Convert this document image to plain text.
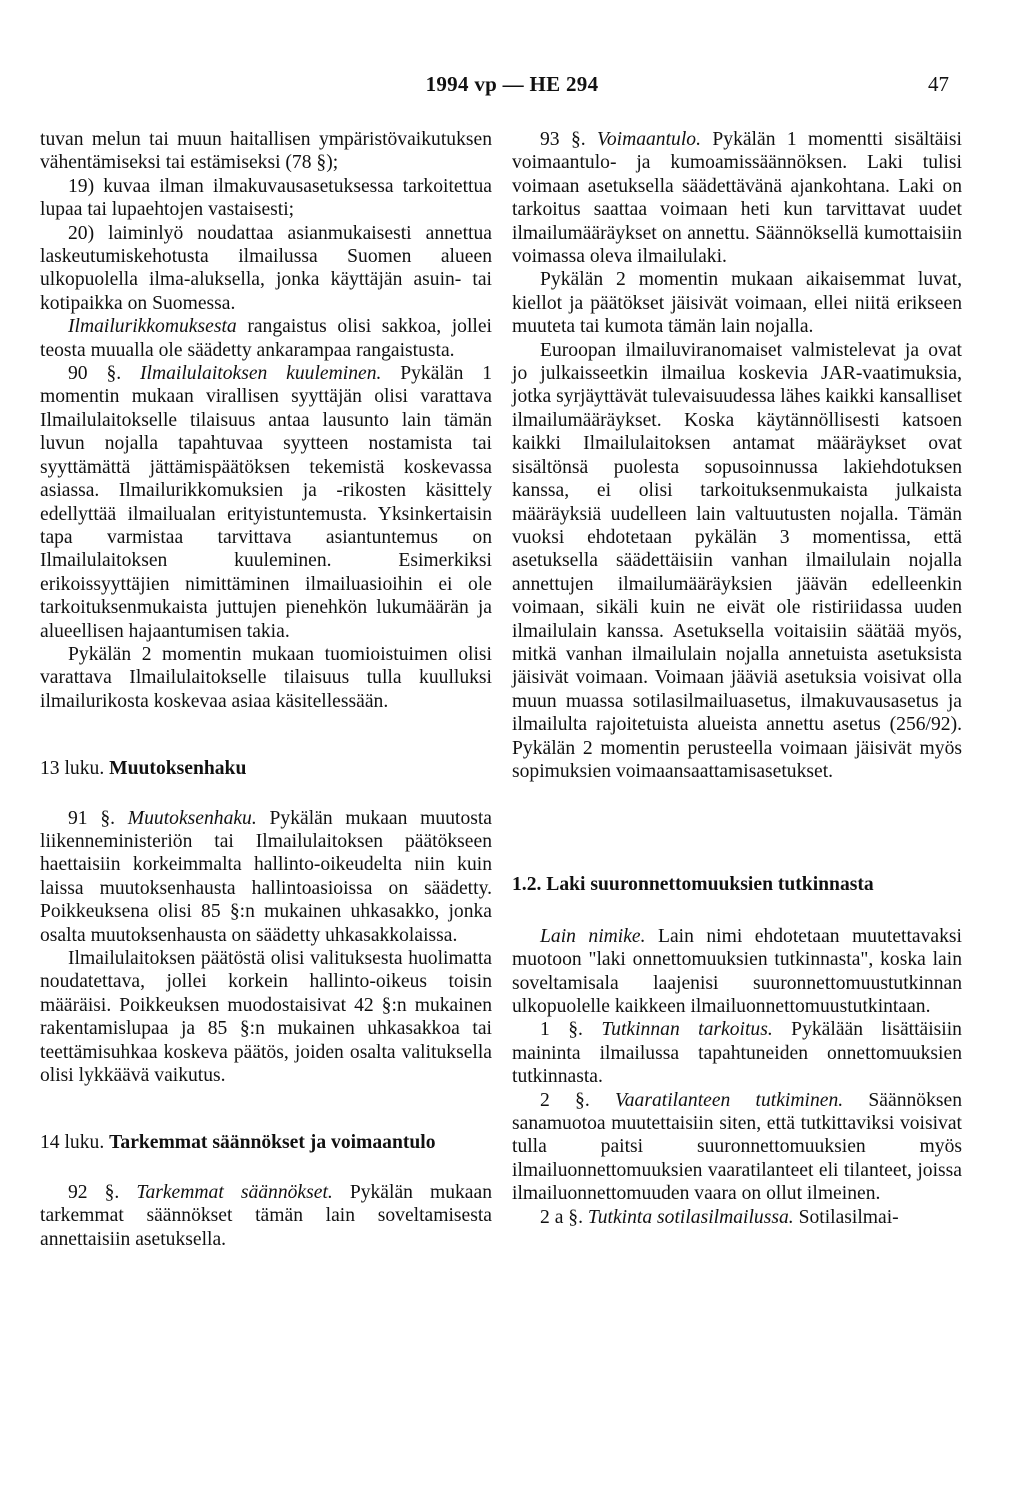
1994 vp — HE 294	47

tuvan melun tai muun haitallisen ympäristövaikutuksen vähentämiseksi tai estämiseksi (78 §);

19) kuvaa ilman ilmakuvausasetuksessa tarkoitettua lupaa tai lupaehtojen vastaisesti;

20) laiminlyö noudattaa asianmukaisesti annettua laskeutumiskehotusta ilmailussa Suomen alueen ulkopuolella ilma-aluksella, jonka käyttäjän asuin- tai kotipaikka on Suomessa.

Ilmailurikkomuksesta rangaistus olisi sakkoa, jollei teosta muualla ole säädetty ankarampaa rangaistusta.

90 §. Ilmailulaitoksen kuuleminen. Pykälän 1 momentin mukaan virallisen syyttäjän olisi varattava Ilmailulaitokselle tilaisuus antaa lausunto lain tämän luvun nojalla tapahtuvaa syytteen nostamista tai syyttämättä jättämispäätöksen tekemistä koskevassa asiassa. Ilmailurikkomuksien ja -rikosten käsittely edellyttää ilmailualan erityistuntemusta. Yksinkertaisin tapa varmistaa tarvittava asiantuntemus on Ilmailulaitoksen kuuleminen. Esimerkiksi erikoissyyttäjien nimittäminen ilmailuasioihin ei ole tarkoituksenmukaista juttujen pienehkön lukumäärän ja alueellisen hajaantumisen takia.

Pykälän 2 momentin mukaan tuomioistuimen olisi varattava Ilmailulaitokselle tilaisuus tulla kuulluksi ilmailurikosta koskevaa asiaa käsitellessään.

13 luku. Muutoksenhaku

91 §. Muutoksenhaku. Pykälän mukaan muutosta liikenneministeriön tai Ilmailulaitoksen päätökseen haettaisiin korkeimmalta hallinto-oikeudelta niin kuin laissa muutoksenhausta hallintoasioissa on säädetty. Poikkeuksena olisi 85 §:n mukainen uhkasakko, jonka osalta muutoksenhausta on säädetty uhkasakkolaissa.

Ilmailulaitoksen päätöstä olisi valituksesta huolimatta noudatettava, jollei korkein hallinto-oikeus toisin määräisi. Poikkeuksen muodostaisivat 42 §:n mukainen rakentamislupaa ja 85 §:n mukainen uhkasakkoa tai teettämisuhkaa koskeva päätös, joiden osalta valituksella olisi lykkäävä vaikutus.

14 luku. Tarkemmat säännökset ja voimaantulo

92 §. Tarkemmat säännökset. Pykälän mukaan tarkemmat säännökset tämän lain soveltamisesta annettaisiin asetuksella.

93 §. Voimaantulo. Pykälän 1 momentti sisältäisi voimaantulo- ja kumoamissäännöksen. Laki tulisi voimaan asetuksella säädettävänä ajankohtana. Laki on tarkoitus saattaa voimaan heti kun tarvittavat uudet ilmailumääräykset on annettu. Säännöksellä kumottaisiin voimassa oleva ilmailulaki.

Pykälän 2 momentin mukaan aikaisemmat luvat, kiellot ja päätökset jäisivät voimaan, ellei niitä erikseen muuteta tai kumota tämän lain nojalla.

Euroopan ilmailuviranomaiset valmistelevat ja ovat jo julkaisseetkin ilmailua koskevia JAR-vaatimuksia, jotka syrjäyttävät tulevaisuudessa lähes kaikki kansalliset ilmailumääräykset. Koska käytännöllisesti katsoen kaikki Ilmailulaitoksen antamat määräykset ovat sisältönsä puolesta sopusoinnussa lakiehdotuksen kanssa, ei olisi tarkoituksenmukaista julkaista määräyksiä uudelleen lain valtuutusten nojalla. Tämän vuoksi ehdotetaan pykälän 3 momentissa, että asetuksella säädettäisiin vanhan ilmailulain nojalla annettujen ilmailumääräyksien jäävän edelleenkin voimaan, sikäli kuin ne eivät ole ristiriidassa uuden ilmailulain kanssa. Asetuksella voitaisiin säätää myös, mitkä vanhan ilmailulain nojalla annetuista asetuksista jäisivät voimaan. Voimaan jääviä asetuksia voisivat olla muun muassa sotilasilmailuasetus, ilmakuvausasetus ja ilmailulta rajoitetuista alueista annettu asetus (256/92). Pykälän 2 momentin perusteella voimaan jäisivät myös sopimuksien voimaansaattamisasetukset.

1.2. Laki suuronnettomuuksien tutkinnasta

Lain nimike. Lain nimi ehdotetaan muutettavaksi muotoon "laki onnettomuuksien tutkinnasta", koska lain soveltamisala laajenisi suuronnettomuustutkinnan ulkopuolelle kaikkeen ilmailuonnettomuustutkintaan.

1 §. Tutkinnan tarkoitus. Pykälään lisättäisiin maininta ilmailussa tapahtuneiden onnettomuuksien tutkinnasta.

2 §. Vaaratilanteen tutkiminen. Säännöksen sanamuotoa muutettaisiin siten, että tutkittaviksi voisivat tulla paitsi suuronnettomuuksien myös ilmailuonnettomuuksien vaaratilanteet eli tilanteet, joissa ilmailuonnettomuuden vaara on ollut ilmeinen.

2 a §. Tutkinta sotilasilmailussa. Sotilasilmai-
